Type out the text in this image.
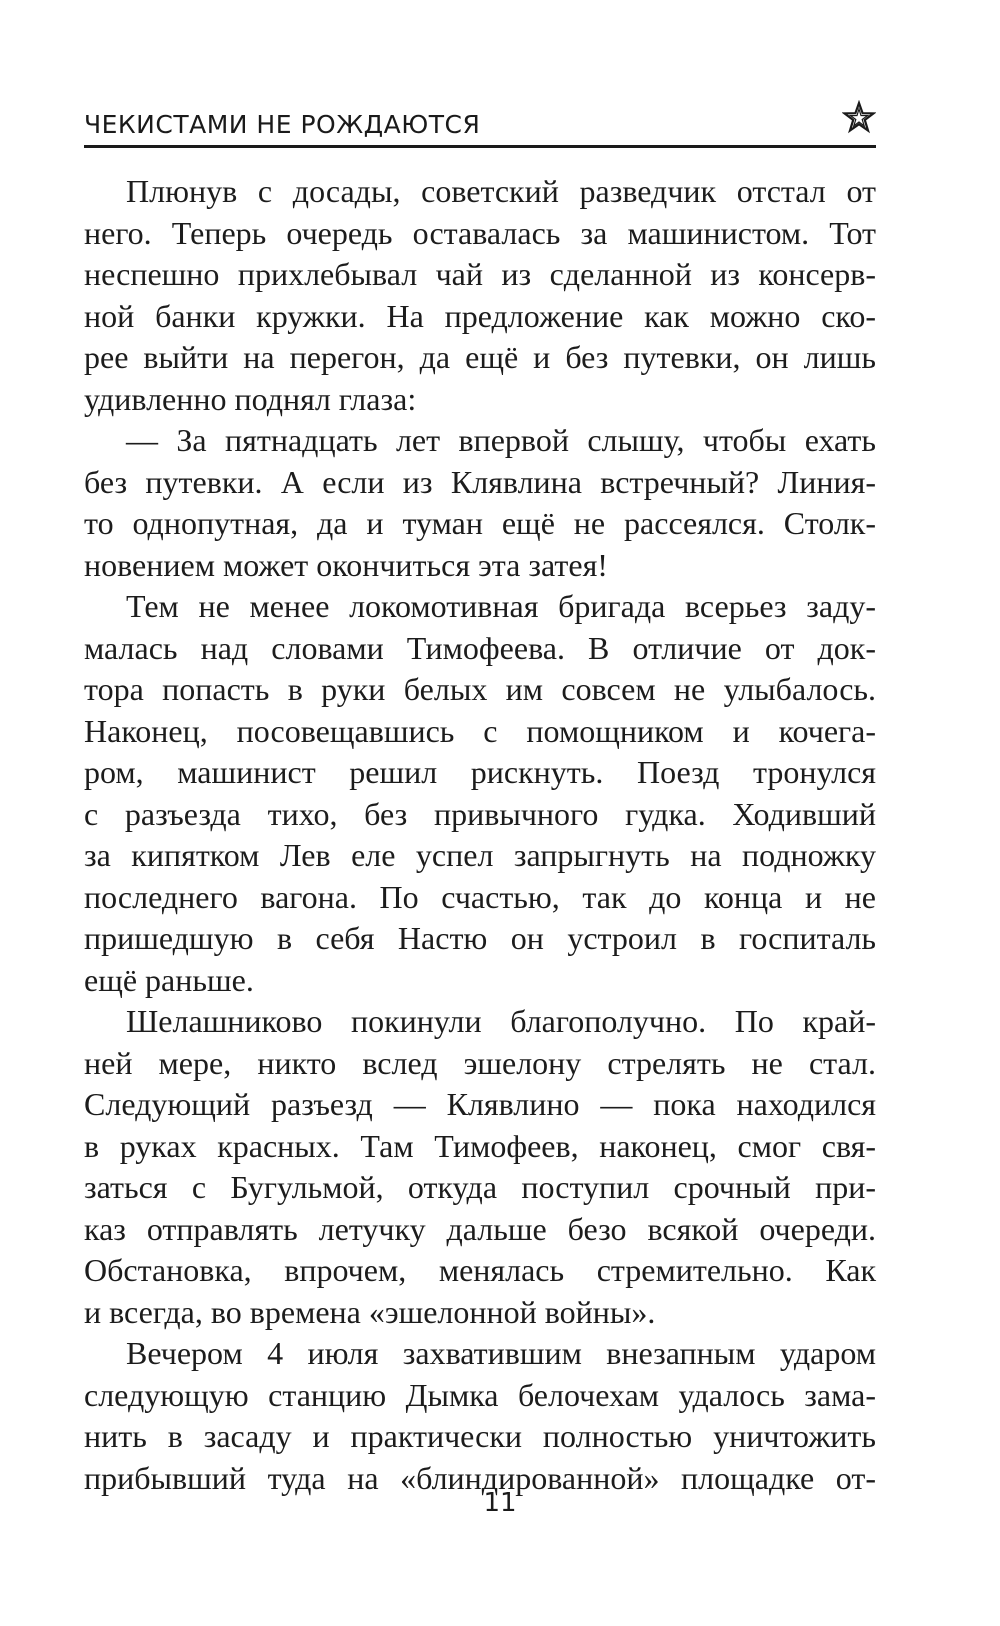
ЧЕКИСТАМИ НЕ РОЖДАЮТСЯ

Плюнув с досады, советский разведчик отстал от
него. Теперь очередь оставалась за машинистом. Тот
неспешно прихлебывал чай из сделанной из консерв-
ной банки кружки. На предложение как можно ско-
рее выйти на перегон, да ещё и без путевки, он лишь
удивленно поднял глаза:

— За пятнадцать лет впервой слышу, чтобы ехать
без путевки. А если из Клявлина встречный? Линия-
то однопутная, да и туман ещё не рассеялся. Столк-
новением может окончиться эта затея!

Тем не менее локомотивная бригада всерьез заду-
малась над словами Тимофеева. В отличие от док-
тора попасть в руки белых им совсем не улыбалось.
Наконец, посовещавшись с помощником и кочега-
ром, машинист решил рискнуть. Поезд тронулся
с разъезда тихо, без привычного гудка. Ходивший
за кипятком Лев еле успел запрыгнуть на подножку
последнего вагона. По счастью, так до конца и не
пришедшую в себя Настю он устроил в госпиталь
ещё раньше.

Шелашниково покинули благополучно. По край-
ней мере, никто вслед эшелону стрелять не стал.
Следующий разъезд — Клявлино — пока находился
в руках красных. Там Тимофеев, наконец, смог свя-
заться с Бугульмой, откуда поступил срочный при-
каз отправлять летучку дальше безо всякой очереди.
Обстановка, впрочем, менялась стремительно. Как
и всегда, во времена «эшелонной войны».

Вечером 4 июля захватившим внезапным ударом
следующую станцию Дымка белочехам удалось зама-
нить в засаду и практически полностью уничтожить
прибывший туда на «блиндированной» площадке от-

11
